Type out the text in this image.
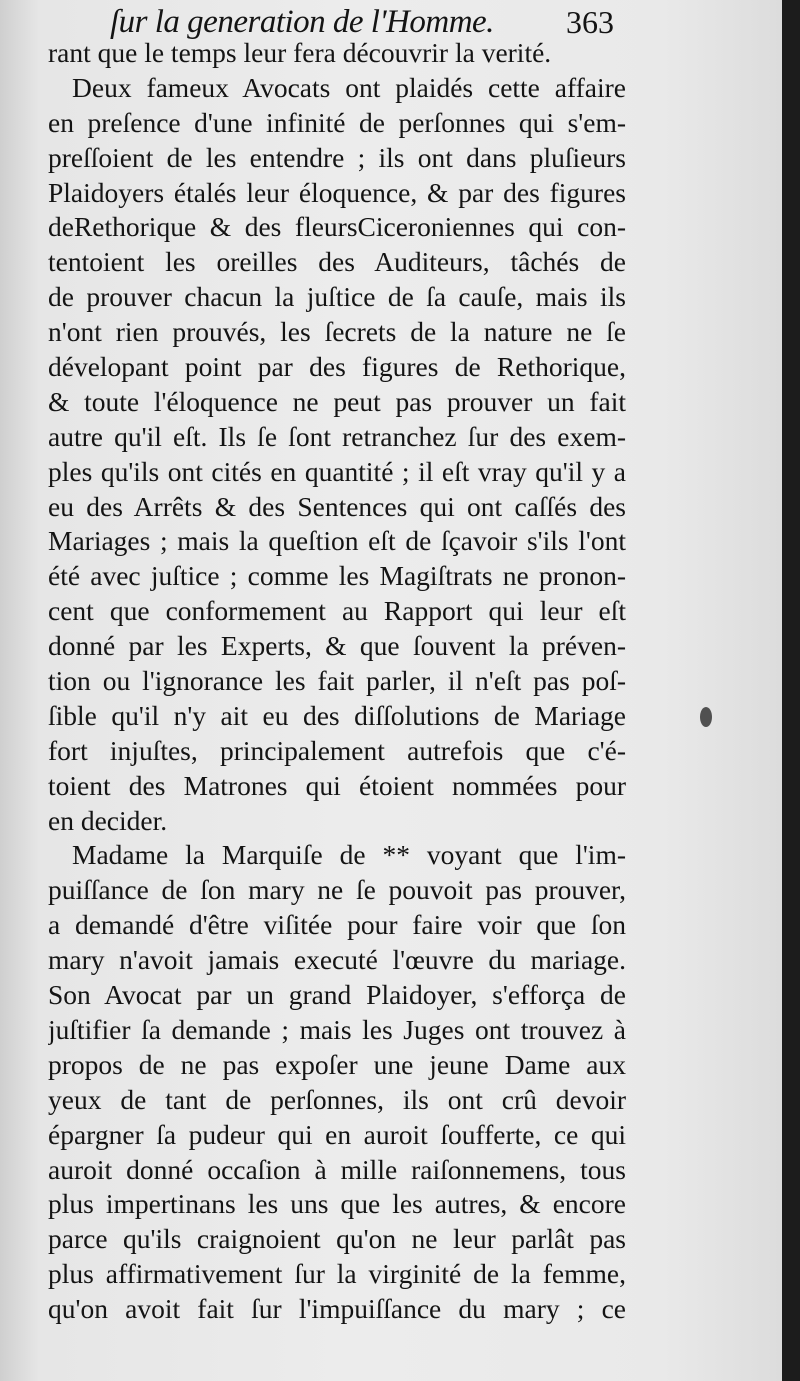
ſur la generation de l'Homme.	363
rant que le temps leur fera découvrir la verité.
Deux fameux Avocats ont plaidés cette affaire
en preſence d'une infinité de perſonnes qui s'em-
preſſoient de les entendre ; ils ont dans pluſieurs
Plaidoyers étalés leur éloquence, & par des figures
deRethorique & des fleursCiceroniennes qui con-
tentoient les oreilles des Auditeurs, tâchés de
de prouver chacun la juſtice de ſa cauſe, mais ils
n'ont rien prouvés, les ſecrets de la nature ne ſe
dévelopant point par des figures de Rethorique,
& toute l'éloquence ne peut pas prouver un fait
autre qu'il eſt. Ils ſe ſont retranchez ſur des exem-
ples qu'ils ont cités en quantité ; il eſt vray qu'il y a
eu des Arrêts & des Sentences qui ont caſſés des
Mariages ; mais la queſtion eſt de ſçavoir s'ils l'ont
été avec juſtice ; comme les Magiſtrats ne pronon-
cent que conformement au Rapport qui leur eſt
donné par les Experts, & que ſouvent la préven-
tion ou l'ignorance les fait parler, il n'eſt pas poſ-
ſible qu'il n'y ait eu des diſſolutions de Mariage
fort injuſtes, principalement autrefois que c'é-
toient des Matrones qui étoient nommées pour
en decider.
Madame la Marquiſe de ** voyant que l'im-
puiſſance de ſon mary ne ſe pouvoit pas prouver,
a demandé d'être viſitée pour faire voir que ſon
mary n'avoit jamais executé l'œuvre du mariage.
Son Avocat par un grand Plaidoyer, s'efforça de
juſtifier ſa demande ; mais les Juges ont trouvez à
propos de ne pas expoſer une jeune Dame aux
yeux de tant de perſonnes, ils ont crû devoir
épargner ſa pudeur qui en auroit ſoufferte, ce qui
auroit donné occaſion à mille raiſonnemens, tous
plus impertinans les uns que les autres, & encore
parce qu'ils craignoient qu'on ne leur parlât pas
plus affirmativement ſur la virginité de la femme,
qu'on avoit fait ſur l'impuiſſance du mary ; ce
